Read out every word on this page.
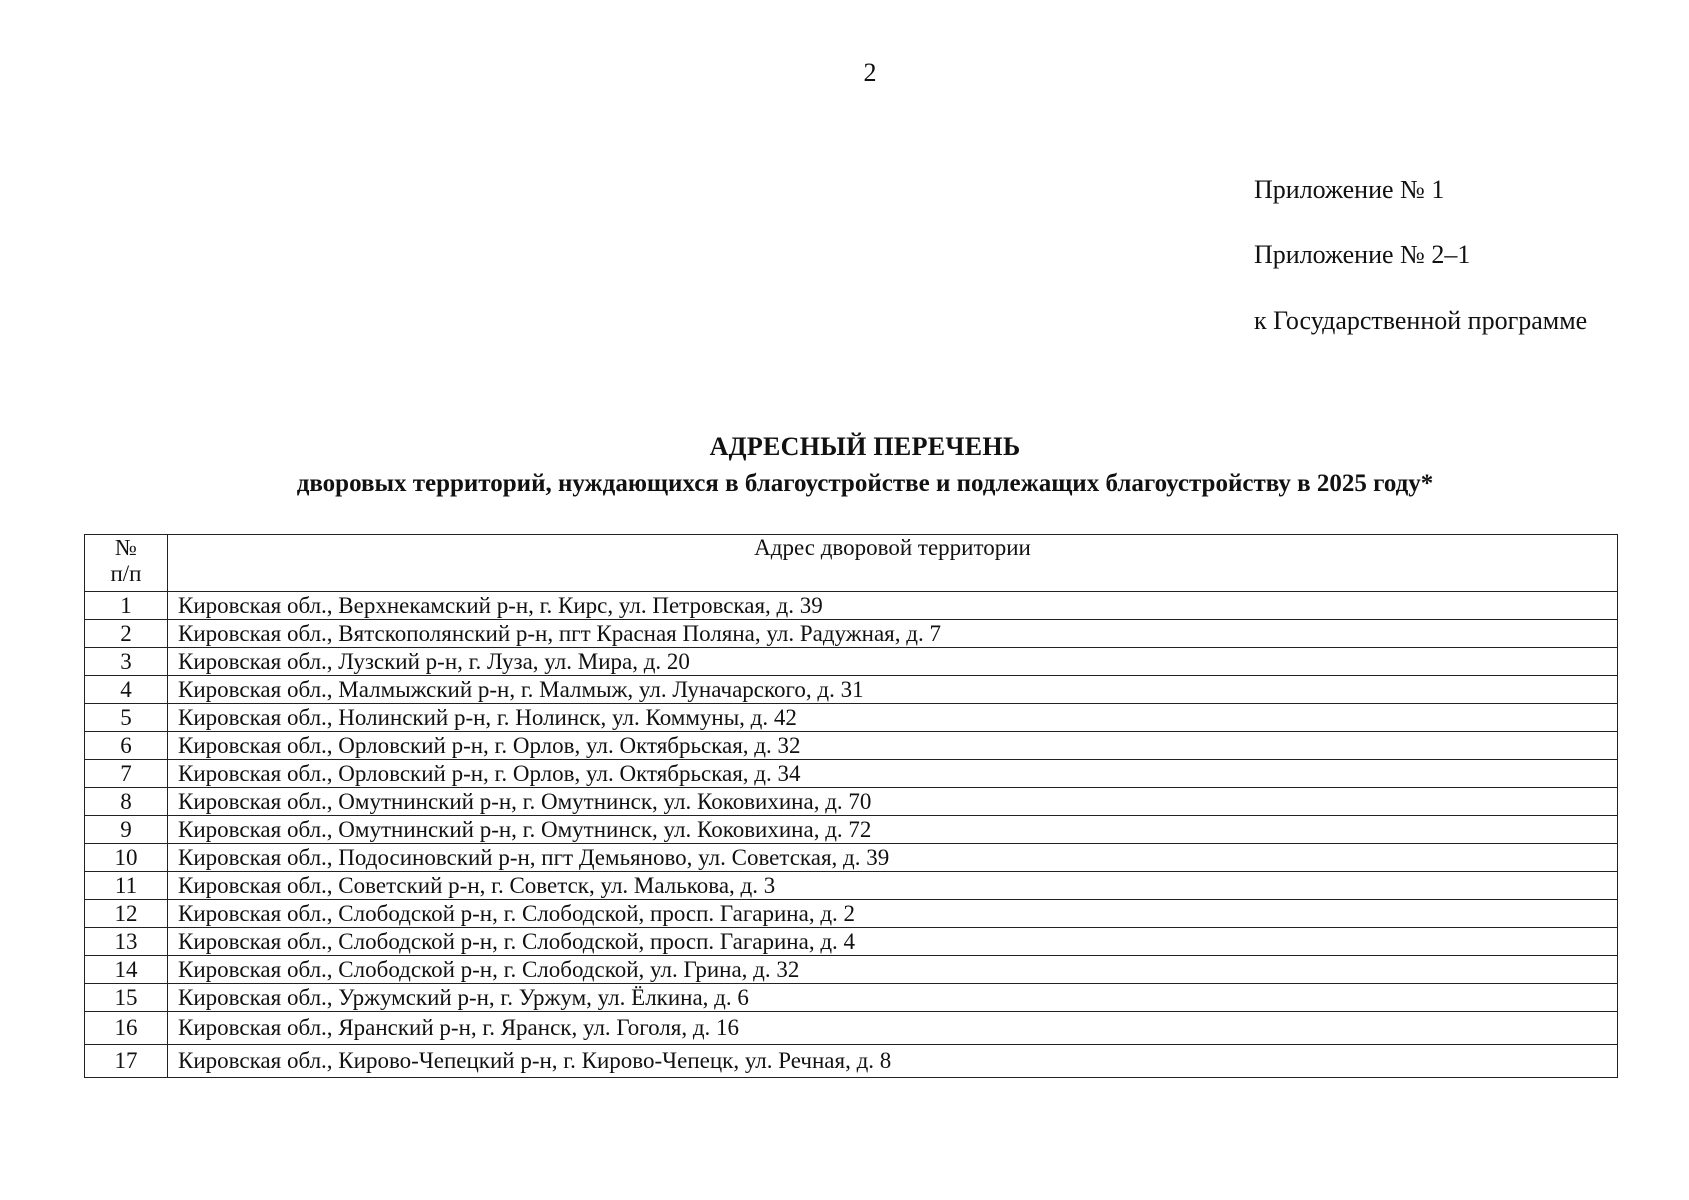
2
Приложение № 1
Приложение № 2–1
к Государственной программе
АДРЕСНЫЙ ПЕРЕЧЕНЬ
дворовых территорий, нуждающихся в благоустройстве и подлежащих благоустройству в 2025 году*
№
п/п	Адрес дворовой территории
1	Кировская обл., Верхнекамский р-н, г. Кирс, ул. Петровская, д. 39
2	Кировская обл., Вятскополянский р-н, пгт Красная Поляна, ул. Радужная, д. 7
3	Кировская обл., Лузский р-н, г. Луза, ул. Мира, д. 20
4	Кировская обл., Малмыжский р-н, г. Малмыж, ул. Луначарского, д. 31
5	Кировская обл., Нолинский р-н, г. Нолинск, ул. Коммуны, д. 42
6	Кировская обл., Орловский р-н, г. Орлов, ул. Октябрьская, д. 32
7	Кировская обл., Орловский р-н, г. Орлов, ул. Октябрьская, д. 34
8	Кировская обл., Омутнинский р-н, г. Омутнинск, ул. Коковихина, д. 70
9	Кировская обл., Омутнинский р-н, г. Омутнинск, ул. Коковихина, д. 72
10	Кировская обл., Подосиновский р-н, пгт Демьяново, ул. Советская, д. 39
11	Кировская обл., Советский р-н, г. Советск, ул. Малькова, д. 3
12	Кировская обл., Слободской р-н, г. Слободской, просп. Гагарина, д. 2
13	Кировская обл., Слободской р-н, г. Слободской, просп. Гагарина, д. 4
14	Кировская обл., Слободской р-н, г. Слободской, ул. Грина, д. 32
15	Кировская обл., Уржумский р-н, г. Уржум, ул. Ёлкина, д. 6
16	Кировская обл., Яранский р-н, г. Яранск, ул. Гоголя, д. 16
17	Кировская обл., Кирово-Чепецкий р-н, г. Кирово-Чепецк, ул. Речная, д. 8
